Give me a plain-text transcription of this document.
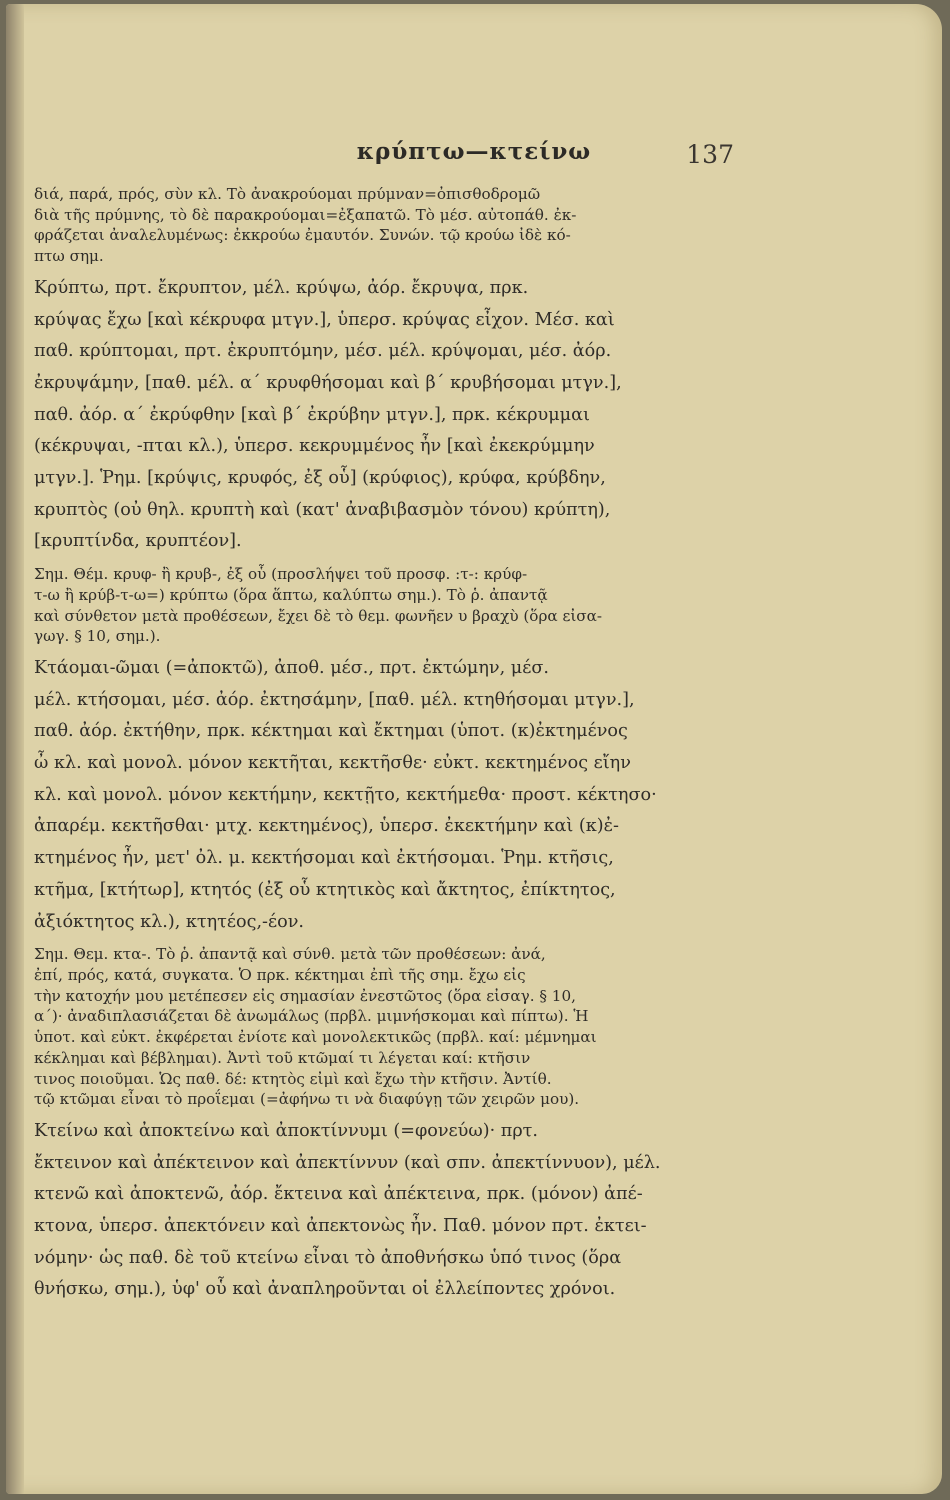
κρύπτω—κτείνω	137
διά, παρά, πρός, σὺν κλ. Τὸ ἀνακρούομαι πρύμναν=ὀπισθοδρομῶ
διὰ τῆς πρύμνης, τὸ δὲ παρακρούομαι=ἐξαπατῶ. Τὸ μέσ. αὐτοπάθ. ἐκ-
φράζεται ἀναλελυμένως: ἐκκρούω ἐμαυτόν. Συνών. τῷ κρούω ἰδὲ κό-
πτω σημ.
Κρύπτω, πρτ. ἔκρυπτον, μέλ. κρύψω, ἀόρ. ἔκρυψα, πρκ.
κρύψας ἔχω [καὶ κέκρυφα μτγν.], ὑπερσ. κρύψας εἶχον. Μέσ. καὶ
παθ. κρύπτομαι, πρτ. ἐκρυπτόμην, μέσ. μέλ. κρύψομαι, μέσ. ἀόρ.
ἐκρυψάμην, [παθ. μέλ. α΄ κρυφθήσομαι καὶ β΄ κρυβήσομαι μτγν.],
παθ. ἀόρ. α΄ ἐκρύφθην [καὶ β΄ ἐκρύβην μτγν.], πρκ. κέκρυμμαι
(κέκρυψαι, -πται κλ.), ὑπερσ. κεκρυμμένος ἦν [καὶ ἐκεκρύμμην
μτγν.]. Ῥημ. [κρύψις, κρυφός, ἐξ οὗ] (κρύφιος), κρύφα, κρύβδην,
κρυπτὸς (οὐ θηλ. κρυπτὴ καὶ (κατ' ἀναβιβασμὸν τόνου) κρύπτη),
[κρυπτίνδα, κρυπτέον].
Σημ. Θέμ. κρυφ- ἢ κρυβ-, ἐξ οὗ (προσλήψει τοῦ προσφ. :τ-: κρύφ-
τ-ω ἢ κρύβ-τ-ω=) κρύπτω (ὅρα ἅπτω, καλύπτω σημ.). Τὸ ῥ. ἀπαντᾷ
καὶ σύνθετον μετὰ προθέσεων, ἔχει δὲ τὸ θεμ. φωνῆεν υ βραχὺ (ὅρα εἰσα-
γωγ. § 10, σημ.).
Κτάομαι-ῶμαι (=ἀποκτῶ), ἀποθ. μέσ., πρτ. ἐκτώμην, μέσ.
μέλ. κτήσομαι, μέσ. ἀόρ. ἐκτησάμην, [παθ. μέλ. κτηθήσομαι μτγν.],
παθ. ἀόρ. ἐκτήθην, πρκ. κέκτημαι καὶ ἔκτημαι (ὑποτ. (κ)ἐκτημένος
ὦ κλ. καὶ μονολ. μόνον κεκτῆται, κεκτῆσθε· εὐκτ. κεκτημένος εἴην
κλ. καὶ μονολ. μόνον κεκτήμην, κεκτῇτο, κεκτήμεθα· προστ. κέκτησο·
ἀπαρέμ. κεκτῆσθαι· μτχ. κεκτημένος), ὑπερσ. ἐκεκτήμην καὶ (κ)ἐ-
κτημένος ἦν, μετ' ὀλ. μ. κεκτήσομαι καὶ ἐκτήσομαι. Ῥημ. κτῆσις,
κτῆμα, [κτήτωρ], κτητός (ἐξ οὗ κτητικὸς καὶ ἄκτητος, ἐπίκτητος,
ἀξιόκτητος κλ.), κτητέος,-έον.
Σημ. Θεμ. κτα-. Τὸ ῥ. ἀπαντᾷ καὶ σύνθ. μετὰ τῶν προθέσεων: ἀνά,
ἐπί, πρός, κατά, συγκατα. Ὁ πρκ. κέκτημαι ἐπὶ τῆς σημ. ἔχω εἰς
τὴν κατοχήν μου μετέπεσεν εἰς σημασίαν ἐνεστῶτος (ὅρα εἰσαγ. § 10,
α΄)· ἀναδιπλασιάζεται δὲ ἀνωμάλως (πρβλ. μιμνήσκομαι καὶ πίπτω). Ἡ
ὑποτ. καὶ εὐκτ. ἐκφέρεται ἐνίοτε καὶ μονολεκτικῶς (πρβλ. καί: μέμνημαι
κέκλημαι καὶ βέβλημαι). Ἀντὶ τοῦ κτῶμαί τι λέγεται καί: κτῆσιν
τινος ποιοῦμαι. Ὡς παθ. δέ: κτητὸς εἰμὶ καὶ ἔχω τὴν κτῆσιν. Ἀντίθ.
τῷ κτῶμαι εἶναι τὸ προΐεμαι (=ἀφήνω τι νὰ διαφύγῃ τῶν χειρῶν μου).
Κτείνω καὶ ἀποκτείνω καὶ ἀποκτίννυμι (=φονεύω)· πρτ.
ἔκτεινον καὶ ἀπέκτεινον καὶ ἀπεκτίννυν (καὶ σπν. ἀπεκτίννυον), μέλ.
κτενῶ καὶ ἀποκτενῶ, ἀόρ. ἔκτεινα καὶ ἀπέκτεινα, πρκ. (μόνον) ἀπέ-
κτονα, ὑπερσ. ἀπεκτόνειν καὶ ἀπεκτονὼς ἦν. Παθ. μόνον πρτ. ἐκτει-
νόμην· ὡς παθ. δὲ τοῦ κτείνω εἶναι τὸ ἀποθνήσκω ὑπό τινος (ὅρα
θνήσκω, σημ.), ὑφ' οὗ καὶ ἀναπληροῦνται οἱ ἐλλείποντες χρόνοι.
